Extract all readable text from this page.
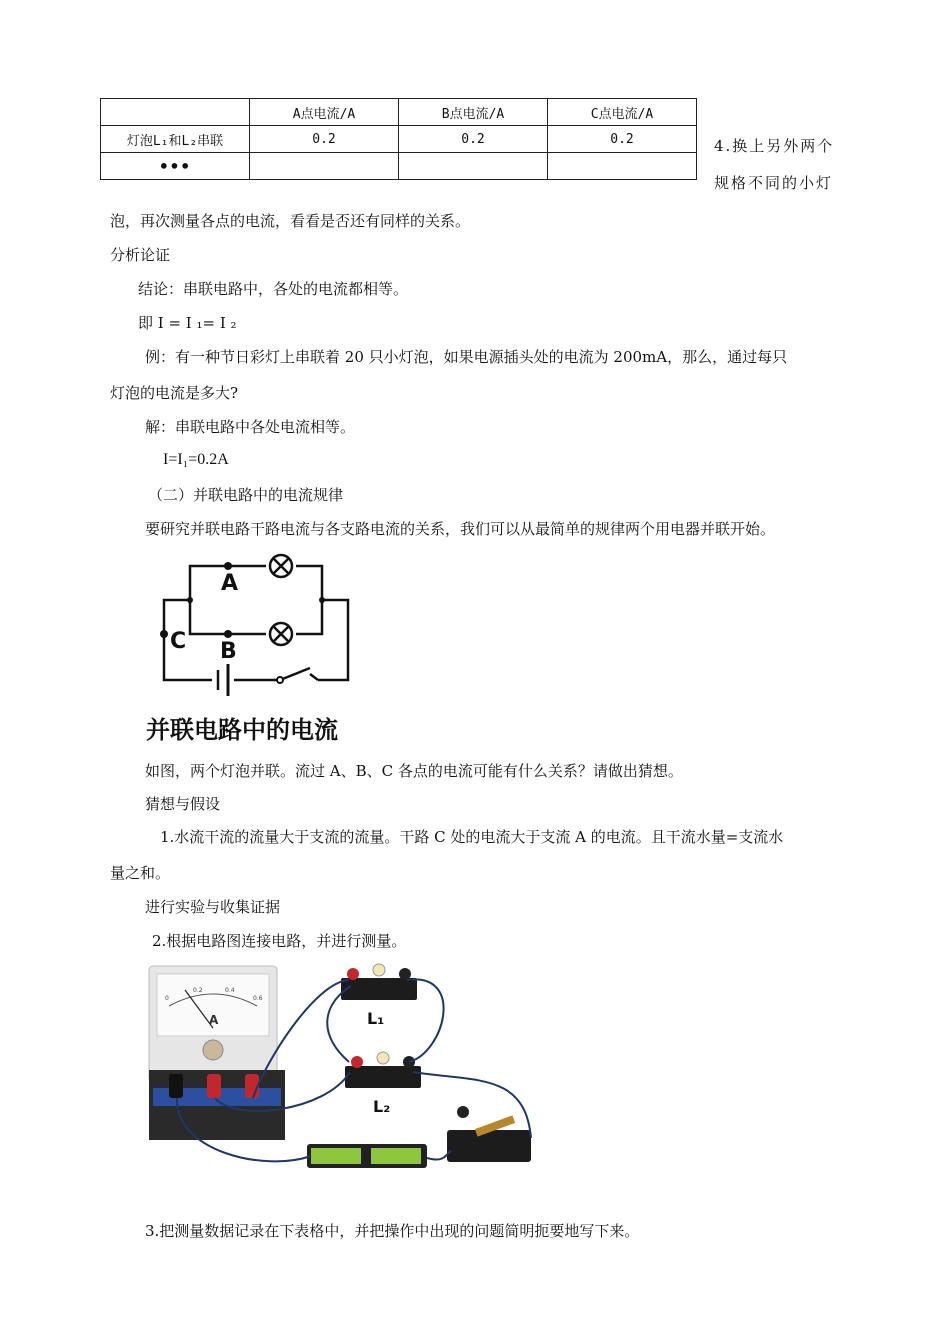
	A点电流/A	B点电流/A	C点电流/A
灯泡L₁和L₂串联	0.2	0.2	0.2
•••			
4.换上另外两个
规格不同的小灯
泡，再次测量各点的电流，看看是否还有同样的关系。
分析论证
结论：串联电路中，各处的电流都相等。
即 I = I ₁= I ₂
例：有一种节日彩灯上串联着 20 只小灯泡，如果电源插头处的电流为 200mA，那么，通过每只
灯泡的电流是多大?
解：串联电路中各处电流相等。
I=I₁=0.2A
（二）并联电路中的电流规律
要研究并联电路干路电流与各支路电流的关系，我们可以从最简单的规律两个用电器并联开始。
A
B
C
并联电路中的电流
如图，两个灯泡并联。流过 A、B、C 各点的电流可能有什么关系？请做出猜想。
猜想与假设
1.水流干流的流量大于支流的流量。干路 C 处的电流大于支流 A 的电流。且干流水量=支流水
量之和。
进行实验与收集证据
2.根据电路图连接电路，并进行测量。
A
0
0.2	0.4
0.6
L₁
L₂
3.把测量数据记录在下表格中，并把操作中出现的问题简明扼要地写下来。
